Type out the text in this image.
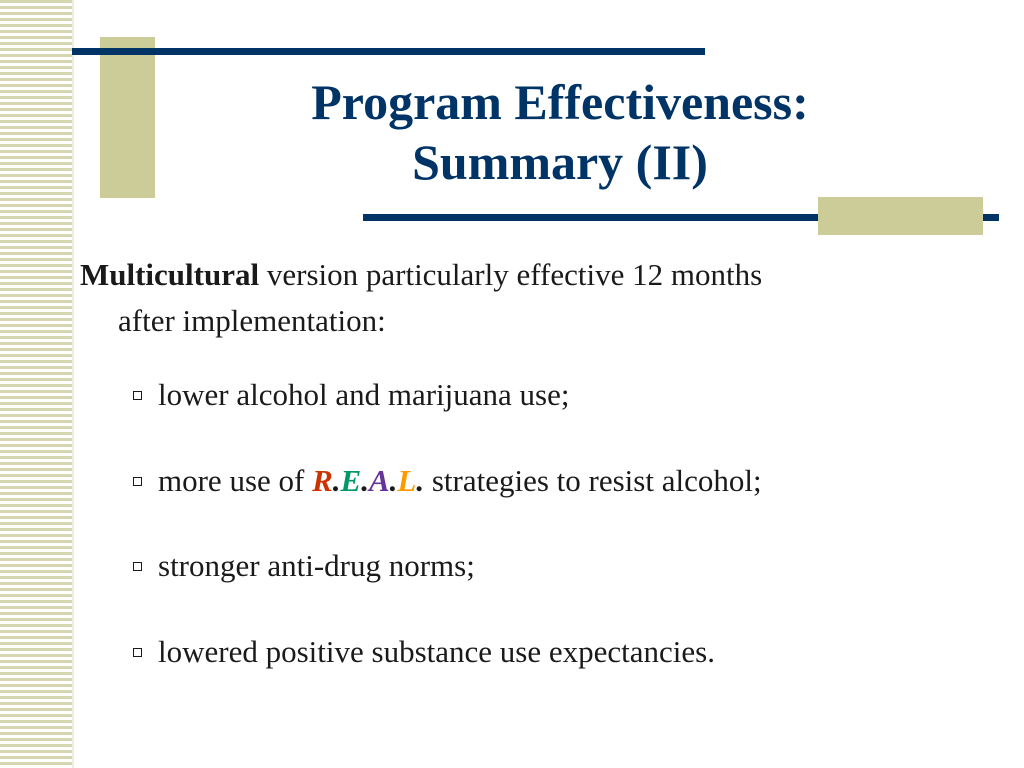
Program Effectiveness:
Summary (II)
Multicultural version particularly effective 12 months
after implementation:
lower alcohol and marijuana use;
more use of R.E.A.L. strategies to resist alcohol;
stronger anti-drug norms;
lowered positive substance use expectancies.
